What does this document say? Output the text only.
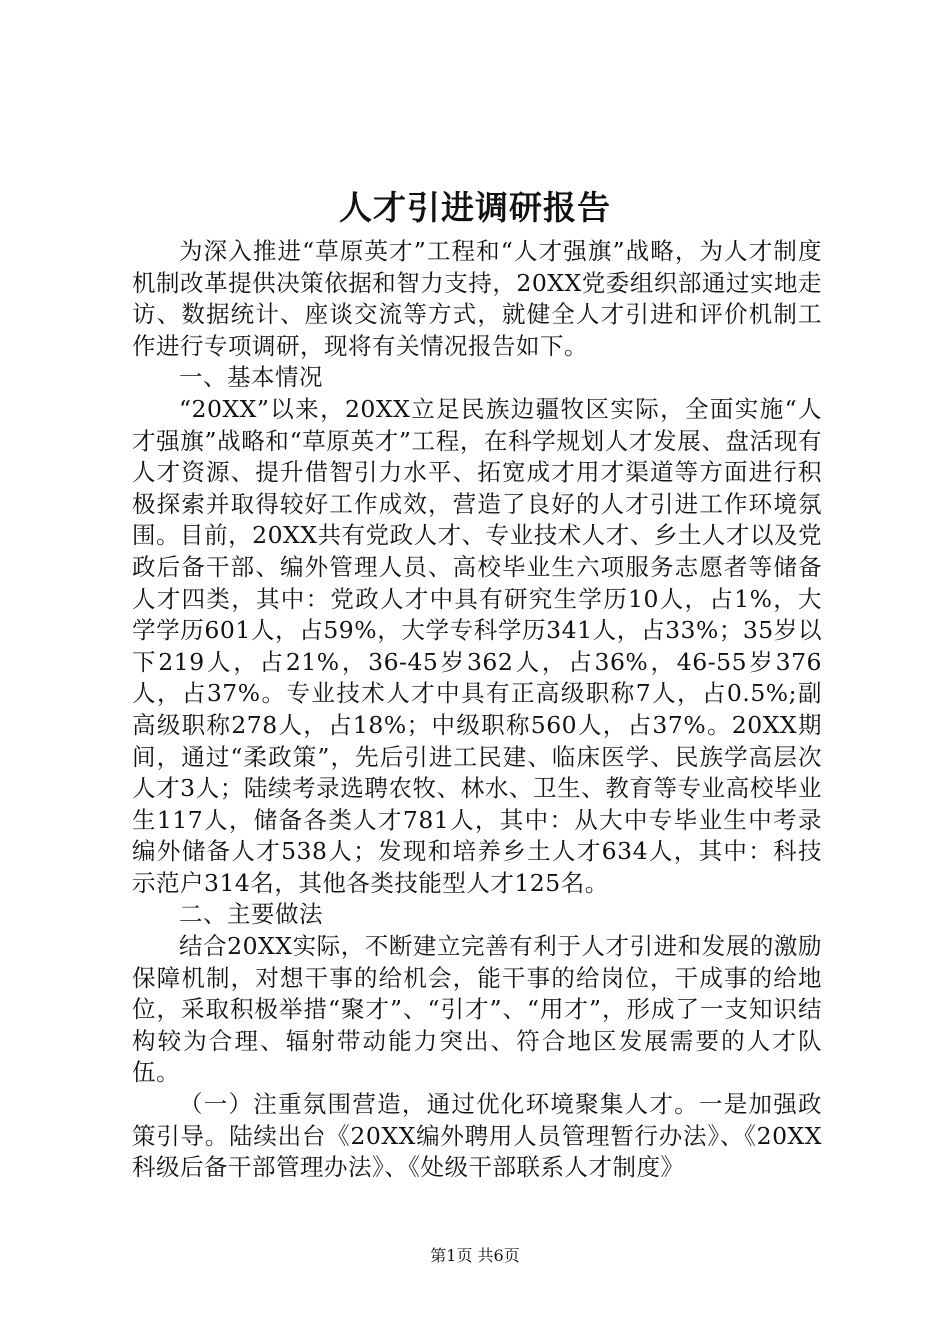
人才引进调研报告

为深入推进“草原英才”工程和“人才强旗”战略，为人才制度机制改革提供决策依据和智力支持，20XX党委组织部通过实地走访、数据统计、座谈交流等方式，就健全人才引进和评价机制工作进行专项调研，现将有关情况报告如下。

一、基本情况

“20XX”以来，20XX立足民族边疆牧区实际，全面实施“人才强旗”战略和“草原英才”工程，在科学规划人才发展、盘活现有人才资源、提升借智引力水平、拓宽成才用才渠道等方面进行积极探索并取得较好工作成效，营造了良好的人才引进工作环境氛围。目前，20XX共有党政人才、专业技术人才、乡土人才以及党政后备干部、编外管理人员、高校毕业生六项服务志愿者等储备人才四类，其中：党政人才中具有研究生学历10人，占1%，大学学历601人，占59%，大学专科学历341人，占33%；35岁以下219人，占21%，36-45岁362人，占36%，46-55岁376人，占37%。专业技术人才中具有正高级职称7人，占0.5%;副高级职称278人，占18%；中级职称560人，占37%。20XX期间，通过“柔政策”，先后引进工民建、临床医学、民族学高层次人才3人；陆续考录选聘农牧、林水、卫生、教育等专业高校毕业生117人，储备各类人才781人，其中：从大中专毕业生中考录编外储备人才538人；发现和培养乡土人才634人，其中：科技示范户314名，其他各类技能型人才125名。

二、主要做法

结合20XX实际，不断建立完善有利于人才引进和发展的激励保障机制，对想干事的给机会，能干事的给岗位，干成事的给地位，采取积极举措“聚才”、“引才”、“用才”，形成了一支知识结构较为合理、辐射带动能力突出、符合地区发展需要的人才队伍。

（一）注重氛围营造，通过优化环境聚集人才。一是加强政策引导。陆续出台《20XX编外聘用人员管理暂行办法》、《20XX科级后备干部管理办法》、《处级干部联系人才制度》

第1页 共6页
